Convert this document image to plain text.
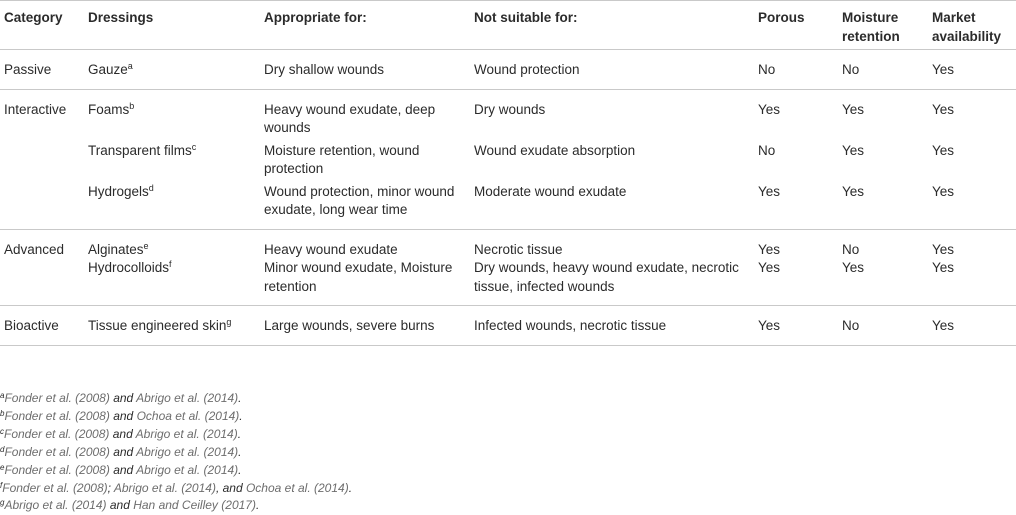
Category	Dressings	Appropriate for:	Not suitable for:	Porous	Moisture retention	Market availability
Passive	Gauze$^a$	Dry shallow wounds	Wound protection	No	No	Yes
Interactive	Foams$^b$	Heavy wound exudate, deep wounds	Dry wounds	Yes	Yes	Yes
	Transparent films$^c$	Moisture retention, wound protection	Wound exudate absorption	No	Yes	Yes
	Hydrogels$^d$	Wound protection, minor wound exudate, long wear time	Moderate wound exudate	Yes	Yes	Yes
Advanced	Alginates$^e$	Heavy wound exudate	Necrotic tissue	Yes	No	Yes
	Hydrocolloids$^f$	Minor wound exudate, Moisture retention	Dry wounds, heavy wound exudate, necrotic tissue, infected wounds	Yes	Yes	Yes
Bioactive	Tissue engineered skin$^g$	Large wounds, severe burns	Infected wounds, necrotic tissue	Yes	No	Yes
$^a$Fonder et al. (2008) and Abrigo et al. (2014).
$^b$Fonder et al. (2008) and Ochoa et al. (2014).
$^c$Fonder et al. (2008) and Abrigo et al. (2014).
$^d$Fonder et al. (2008) and Abrigo et al. (2014).
$^e$Fonder et al. (2008) and Abrigo et al. (2014).
$^f$Fonder et al. (2008); Abrigo et al. (2014), and Ochoa et al. (2014).
$^g$Abrigo et al. (2014) and Han and Ceilley (2017).
